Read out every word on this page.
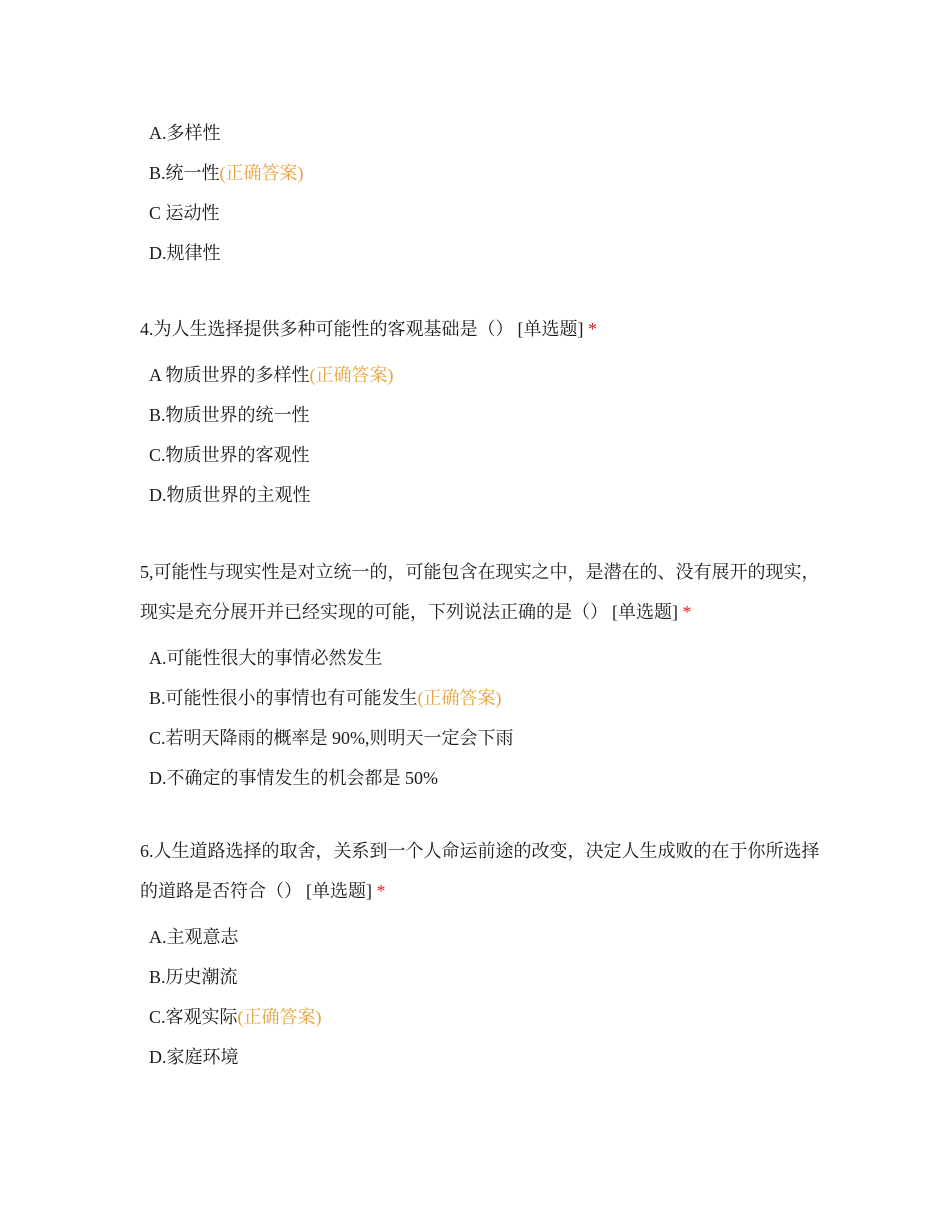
A.多样性
B.统一性(正确答案)
C 运动性
D.规律性

4.为人生选择提供多种可能性的客观基础是（） [单选题] *

A 物质世界的多样性(正确答案)
B.物质世界的统一性
C.物质世界的客观性
D.物质世界的主观性

5,可能性与现实性是对立统一的，可能包含在现实之中，是潜在的、没有展开的现实，现实是充分展开并已经实现的可能，下列说法正确的是（） [单选题] *

A.可能性很大的事情必然发生
B.可能性很小的事情也有可能发生(正确答案)
C.若明天降雨的概率是 90%,则明天一定会下雨
D.不确定的事情发生的机会都是 50%

6.人生道路选择的取舍，关系到一个人命运前途的改变，决定人生成败的在于你所选择的道路是否符合（） [单选题] *

A.主观意志
B.历史潮流
C.客观实际(正确答案)
D.家庭环境
